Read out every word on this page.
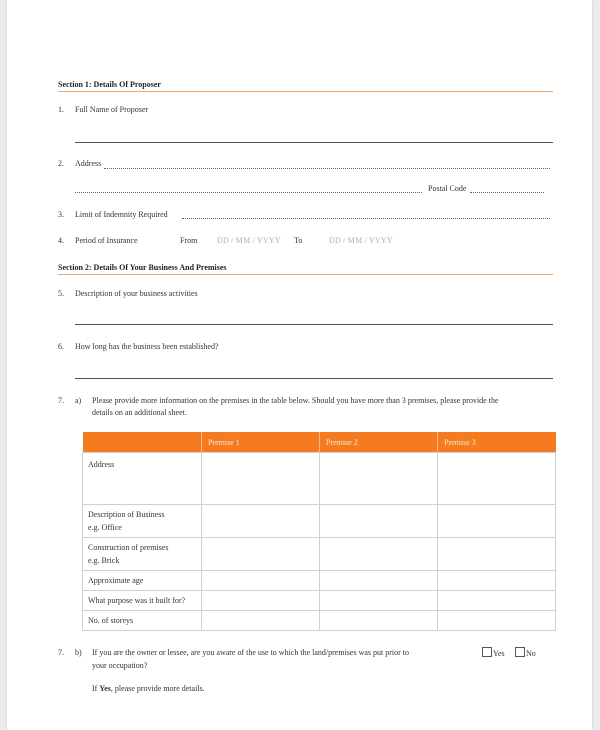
Section 1: Details Of Proposer
1. Full Name of Proposer
2. Address
Postal Code
3. Limit of Indemnity Required
4. Period of Insurance	From DD / MM / YYYY To	DD / MM / YYYY
Section 2: Details Of Your Business And Premises
5. Description of your business activities
6. How long has the business been established?
7. a) Please provide more information on the premises in the table below. Should you have more than 3 premises, please provide the
details on an additional sheet.
	Premise 1	Premise 2	Premise 3
Address			

Description of Business
e.g. Office			

Construction of premises
e.g. Brick			

Approximate age			
What purpose was it built for?			
No. of storeys			
7. b) If you are the owner or lessee, are you aware of the use to which the land/premises was put prior to
your occupation?
Yes	No
If Yes, please provide more details.
